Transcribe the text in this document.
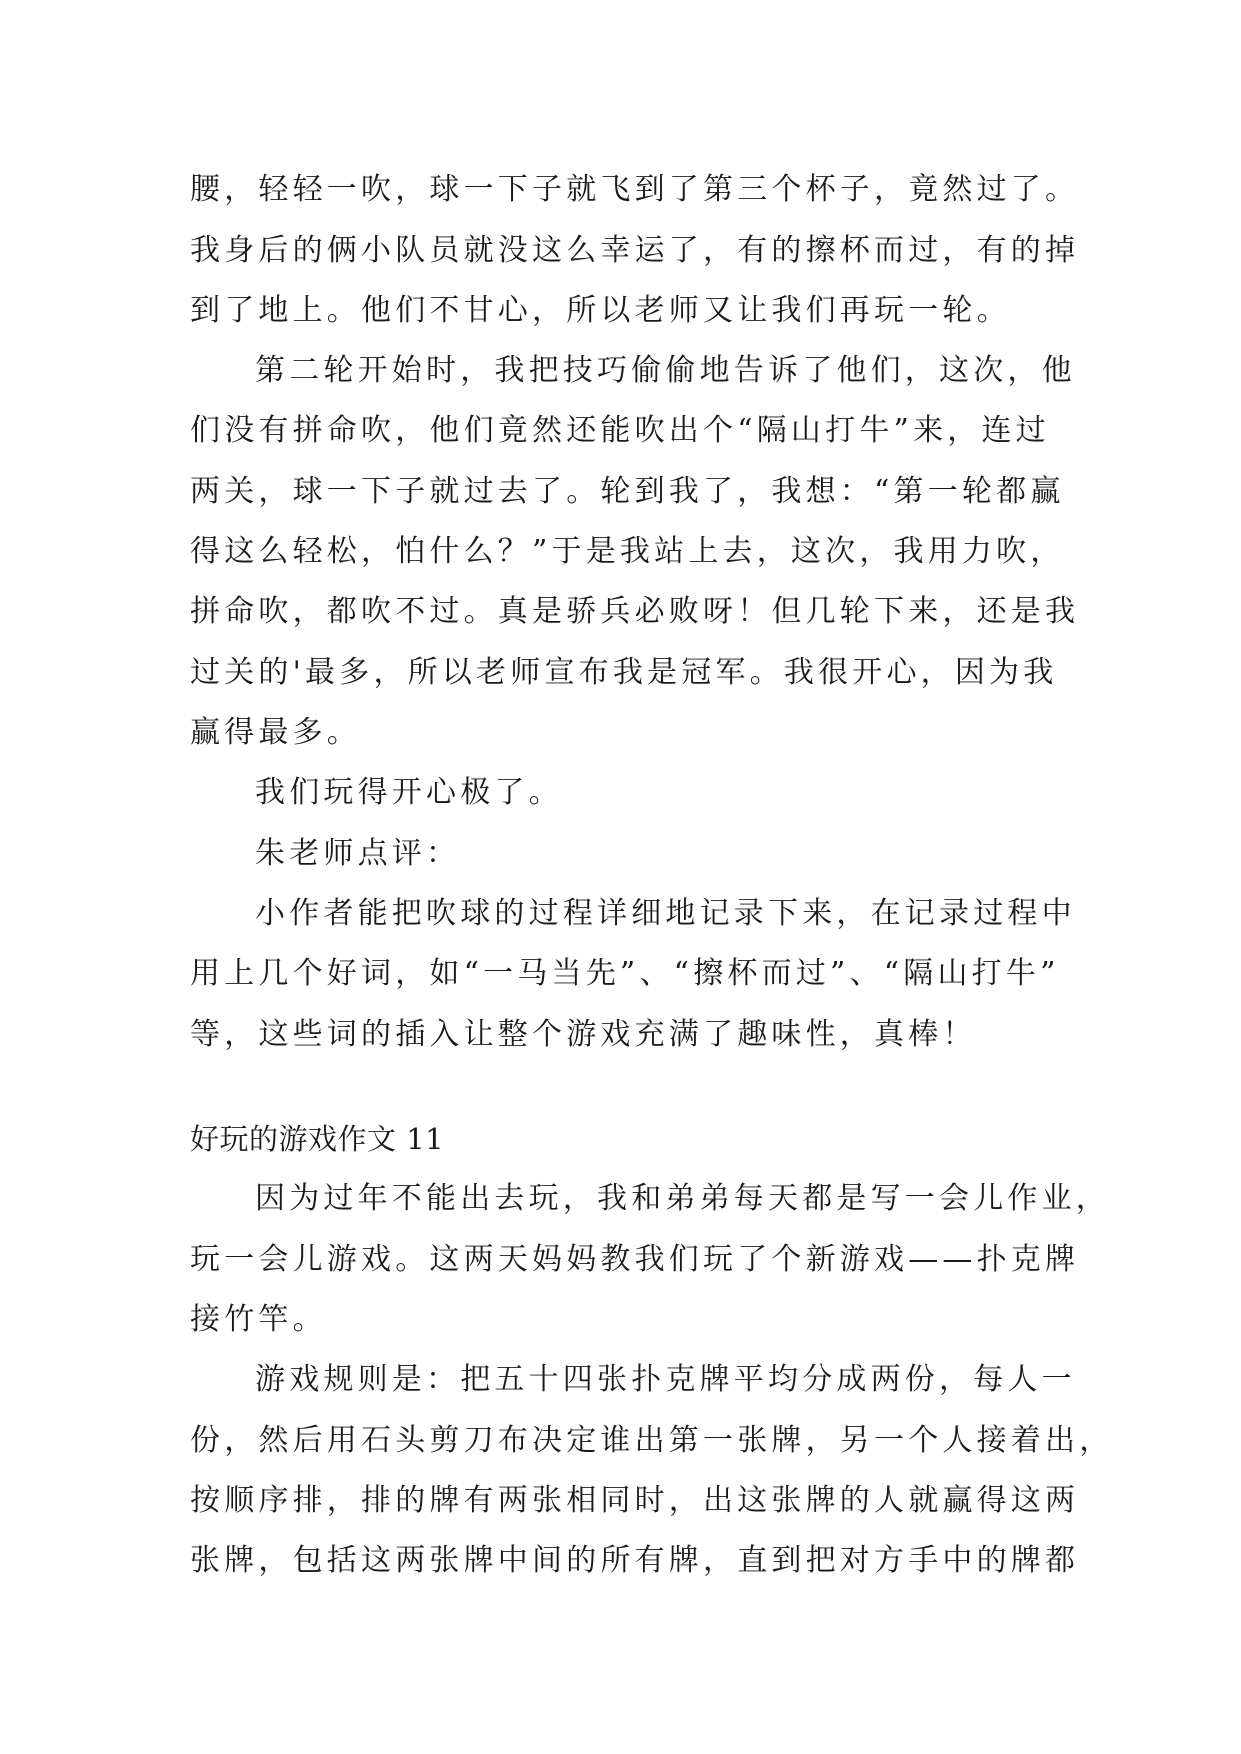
腰，轻轻一吹，球一下子就飞到了第三个杯子，竟然过了。
我身后的俩小队员就没这么幸运了，有的擦杯而过，有的掉
到了地上。他们不甘心，所以老师又让我们再玩一轮。
第二轮开始时，我把技巧偷偷地告诉了他们，这次，他
们没有拼命吹，他们竟然还能吹出个“隔山打牛”来，连过
两关，球一下子就过去了。轮到我了，我想：“第一轮都赢
得这么轻松，怕什么？”于是我站上去，这次，我用力吹，
拼命吹，都吹不过。真是骄兵必败呀！但几轮下来，还是我
过关的'最多，所以老师宣布我是冠军。我很开心，因为我
赢得最多。
我们玩得开心极了。
朱老师点评：
小作者能把吹球的过程详细地记录下来，在记录过程中
用上几个好词，如“一马当先”、“擦杯而过”、“隔山打牛”
等，这些词的插入让整个游戏充满了趣味性，真棒！
好玩的游戏作文 11
因为过年不能出去玩，我和弟弟每天都是写一会儿作业，
玩一会儿游戏。这两天妈妈教我们玩了个新游戏——扑克牌
接竹竿。
游戏规则是：把五十四张扑克牌平均分成两份，每人一
份，然后用石头剪刀布决定谁出第一张牌，另一个人接着出，
按顺序排，排的牌有两张相同时，出这张牌的人就赢得这两
张牌，包括这两张牌中间的所有牌，直到把对方手中的牌都
